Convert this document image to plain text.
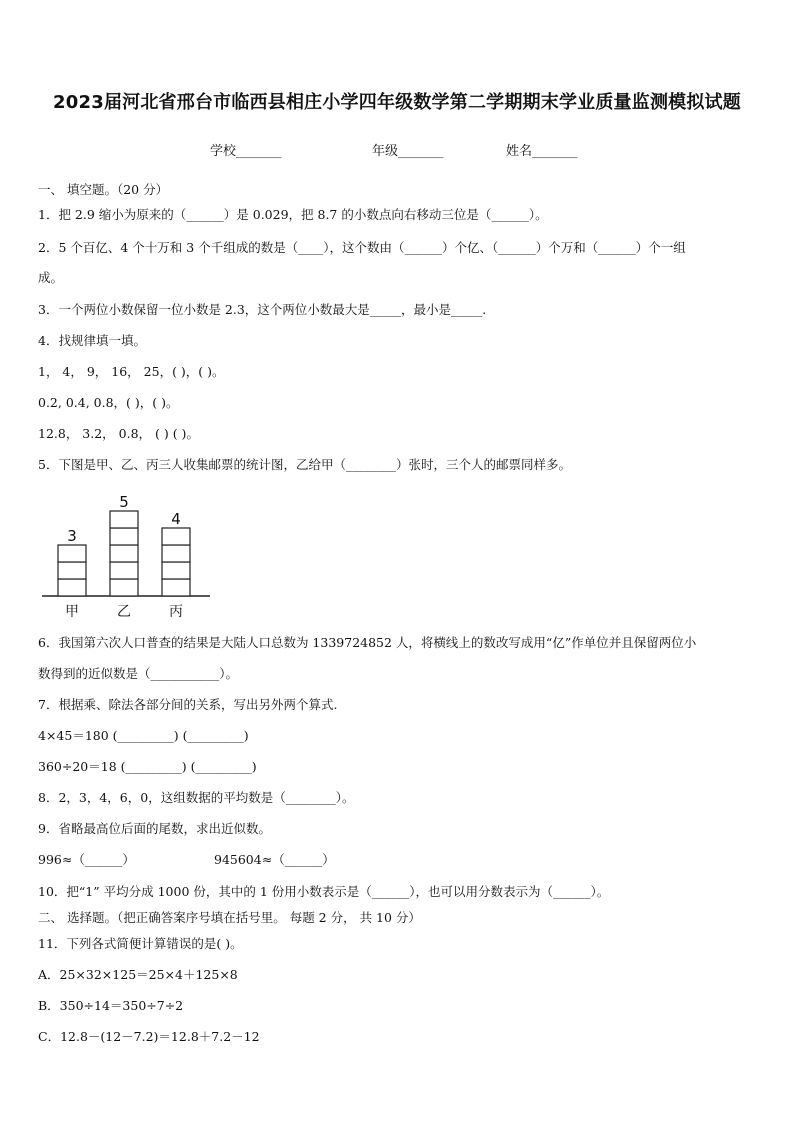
2023届河北省邢台市临西县相庄小学四年级数学第二学期期末学业质量监测模拟试题
学校_______	年级_______	姓名_______
一、 填空题。（20 分）
1．把 2.9 缩小为原来的（______）是 0.029，把 8.7 的小数点向右移动三位是（______）。
2．5 个百亿、4 个十万和 3 个千组成的数是（____），这个数由（______）个亿、（______）个万和（______）个一组
成。
3．一个两位小数保留一位小数是 2.3，这个两位小数最大是_____，最小是_____.
4．找规律填一填。
1， 4， 9， 16， 25，( )，( )。
0.2, 0.4, 0.8，( )，( )。
12.8， 3.2， 0.8， ( ) ( )。
5．下图是甲、乙、丙三人收集邮票的统计图，乙给甲（________）张时，三个人的邮票同样多。
3
甲
5
乙
4
丙
6．我国第六次人口普查的结果是大陆人口总数为 1339724852 人，将横线上的数改写成用“亿”作单位并且保留两位小
数得到的近似数是（___________）。
7．根据乘、除法各部分间的关系，写出另外两个算式.
4×45＝180 (_________) (_________)
360÷20＝18 (_________) (_________)
8．2，3，4，6，0，这组数据的平均数是（________）。
9．省略最高位后面的尾数，求出近似数。
996≈（______）	945604≈（______）
10．把“1” 平均分成 1000 份，其中的 1 份用小数表示是（______），也可以用分数表示为（______）。
二、 选择题。（把正确答案序号填在括号里。 每题 2 分， 共 10 分）
11．下列各式简便计算错误的是( )。
A．25×32×125＝25×4＋125×8
B．350÷14＝350÷7÷2
C．12.8－(12－7.2)＝12.8＋7.2－12
